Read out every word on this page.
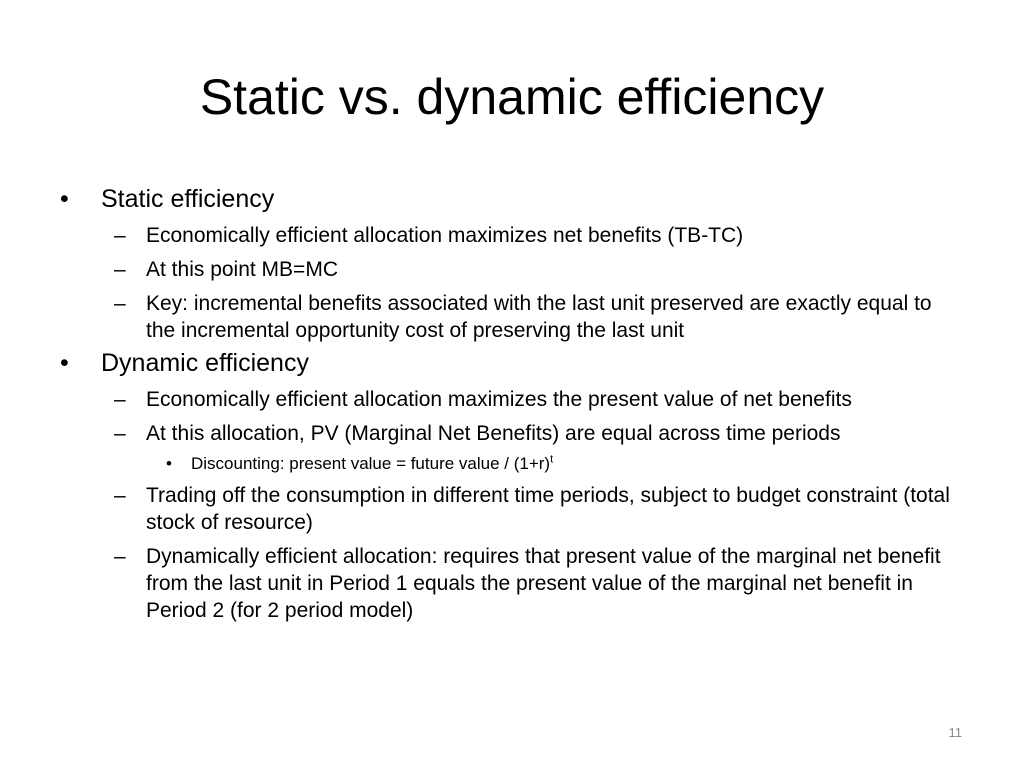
Static vs. dynamic efficiency
• Static efficiency
– Economically efficient allocation maximizes net benefits (TB-TC)
– At this point MB=MC
– Key: incremental benefits associated with the last unit preserved are exactly equal to the incremental opportunity cost of preserving the last unit
• Dynamic efficiency
– Economically efficient allocation maximizes the present value of net benefits
– At this allocation, PV (Marginal Net Benefits) are equal across time periods
• Discounting: present value = future value / $(1+r)^t$
– Trading off the consumption in different time periods, subject to budget constraint (total stock of resource)
– Dynamically efficient allocation: requires that present value of the marginal net benefit from the last unit in Period 1 equals the present value of the marginal net benefit in Period 2 (for 2 period model)
11
